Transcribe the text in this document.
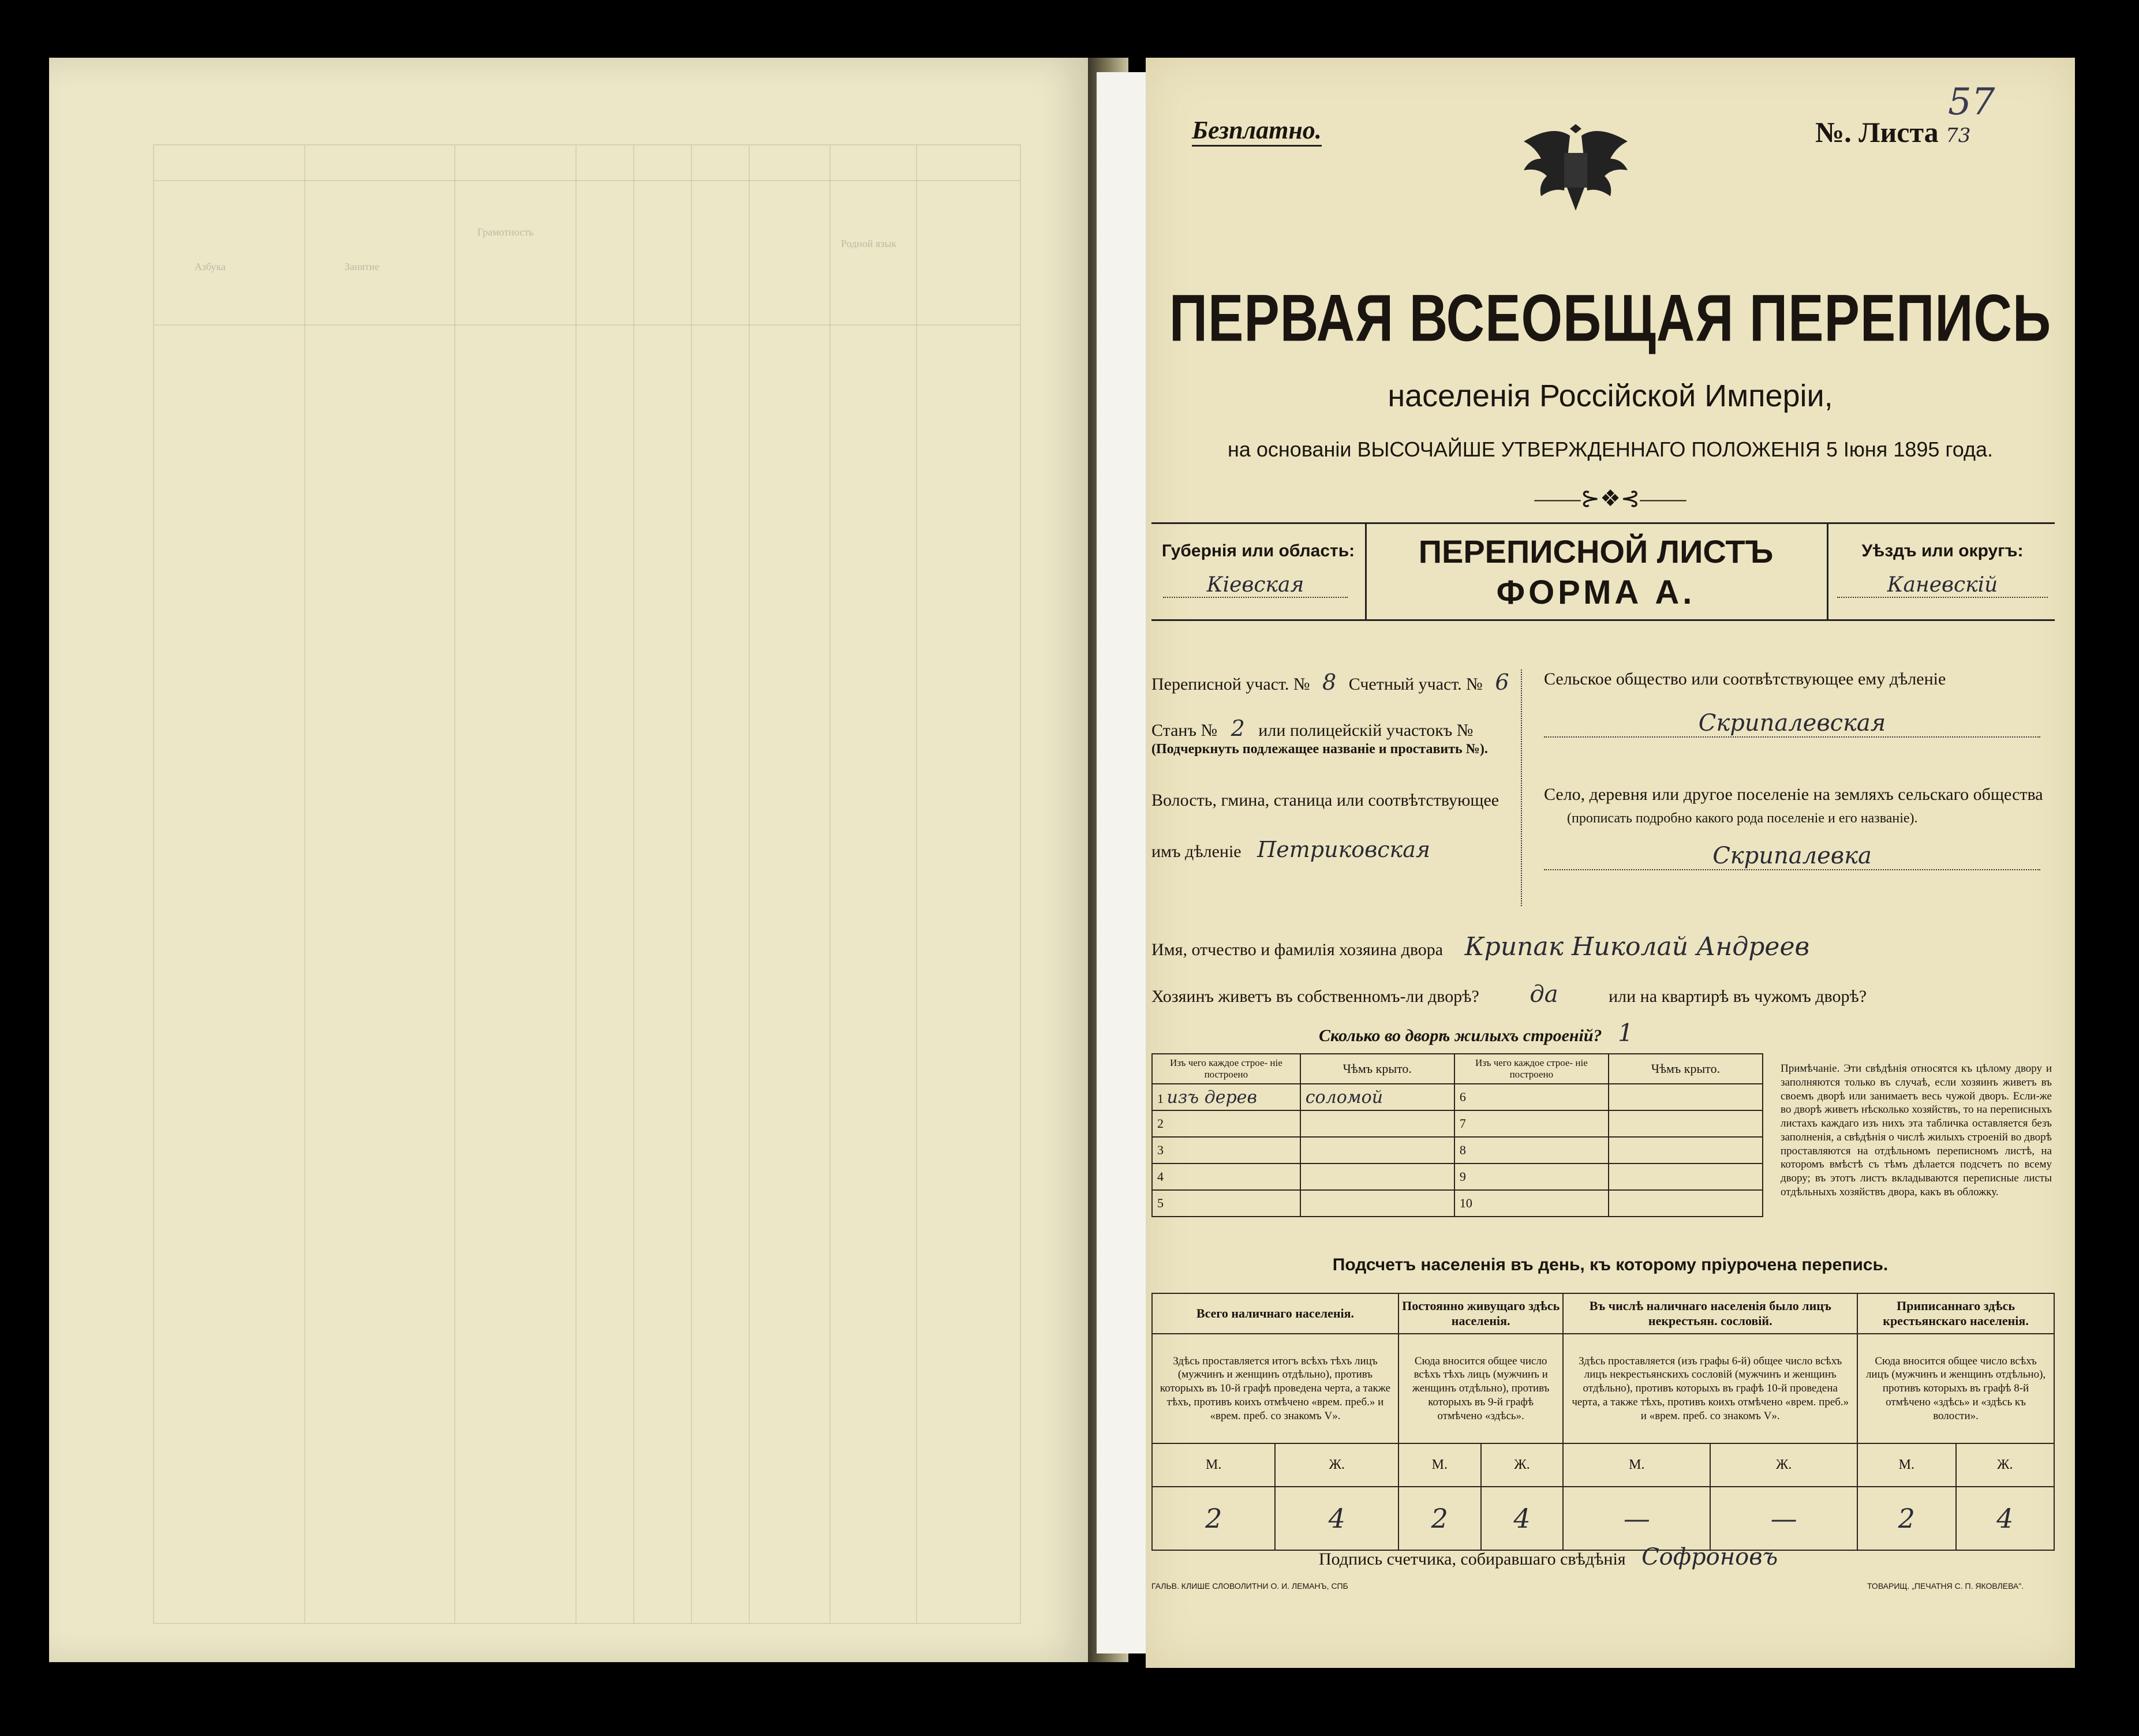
Азбука	Занятие
Грамотность
Родной язык
Безплатно.	№. Листа 73
57
ПЕРВАЯ ВСЕОБЩАЯ ПЕРЕПИСЬ
населенія Россійской Имперіи,
на основаніи ВЫСОЧАЙШЕ УТВЕРЖДЕННАГО ПОЛОЖЕНІЯ 5 Іюня 1895 года.
——⊱❖⊰——
Губернія или область:
Кіевская
ПЕРЕПИСНОЙ ЛИСТЪ
ФОРМА А.
Уѣздъ или округъ:
Каневскій
Переписной участ. № 8 Счетный участ. № 6
Станъ № 2 или полицейскій участокъ №
(Подчеркнуть подлежащее названіе и проставить №).
Волость, гмина, станица или соотвѣтствующее
имъ дѣленіе Петриковская
Сельское общество или соотвѣтствующее ему дѣленіе
Скрипалевская
Село, деревня или другое поселеніе на земляхъ сельскаго общества
(прописать подробно какого рода поселеніе и его названіе).
Скрипалевка
Имя, отчество и фамилія хозяина двора Крипак Николай Андреев
Хозяинъ живетъ въ собственномъ-ли дворѣ? да	или на квартирѣ въ чужомъ дворѣ?
Сколько во дворѣ жилыхъ строеній? 1
Изъ чего каждое строе- ніе построено	Чѣмъ крыто.	Изъ чего каждое строе- ніе построено	Чѣмъ крыто.
1 изъ дерев	соломой	6	
2		7	
3		8	
4		9	
5		10	
Примѣчаніе. Эти свѣдѣнія относятся къ цѣлому двору и заполняются только въ случаѣ, если хозяинъ живетъ въ своемъ дворѣ или занимаетъ весь чужой дворъ. Если-же во дворѣ живетъ нѣсколько хозяйствъ, то на переписныхъ листахъ каждаго изъ нихъ эта табличка оставляется безъ заполненія, а свѣдѣнія о числѣ жилыхъ строеній во дворѣ проставляются на отдѣльномъ переписномъ листѣ, на которомъ вмѣстѣ съ тѣмъ дѣлается подсчетъ по всему двору; въ этотъ листъ вкладываются переписные листы отдѣльныхъ хозяйствъ двора, какъ въ обложку.
Подсчетъ населенія въ день, къ которому пріурочена перепись.
Всего наличнаго населенія.		Постоянно живущаго здѣсь населенія.		Въ числѣ наличнаго населенія было лицъ некрестьян. сословій.		Приписаннаго здѣсь крестьянскаго населенія.	
Здѣсь проставляется итогъ всѣхъ тѣхъ лицъ (мужчинъ и женщинъ отдѣльно), противъ которыхъ въ 10-й графѣ проведена черта, а также тѣхъ, противъ коихъ отмѣчено «врем. преб.» и «врем. преб. со знакомъ V».		Сюда вносится общее число всѣхъ тѣхъ лицъ (мужчинъ и женщинъ отдѣльно), противъ которыхъ въ 9-й графѣ отмѣчено «здѣсь».		Здѣсь проставляется (изъ графы 6-й) общее число всѣхъ лицъ некрестьянскихъ сословій (мужчинъ и женщинъ отдѣльно), противъ которыхъ въ графѣ 10-й проведена черта, а также тѣхъ, противъ коихъ отмѣчено «врем. преб.» и «врем. преб. со знакомъ V».		Сюда вносится общее число всѣхъ лицъ (мужчинъ и женщинъ отдѣльно), противъ которыхъ въ графѣ 8-й отмѣчено «здѣсь» и «здѣсь къ волости».	
М.	Ж.	М.	Ж.	М.	Ж.	М.	Ж.
2	4	2	4	—	—	2	4
Подпись счетчика, собиравшаго свѣдѣнія Софроновъ
ГАЛЬВ. КЛИШЕ СЛОВОЛИТНИ О. И. ЛЕМАНЪ, СПБ	ТОВАРИЩ. „ПЕЧАТНЯ С. П. ЯКОВЛЕВА".
